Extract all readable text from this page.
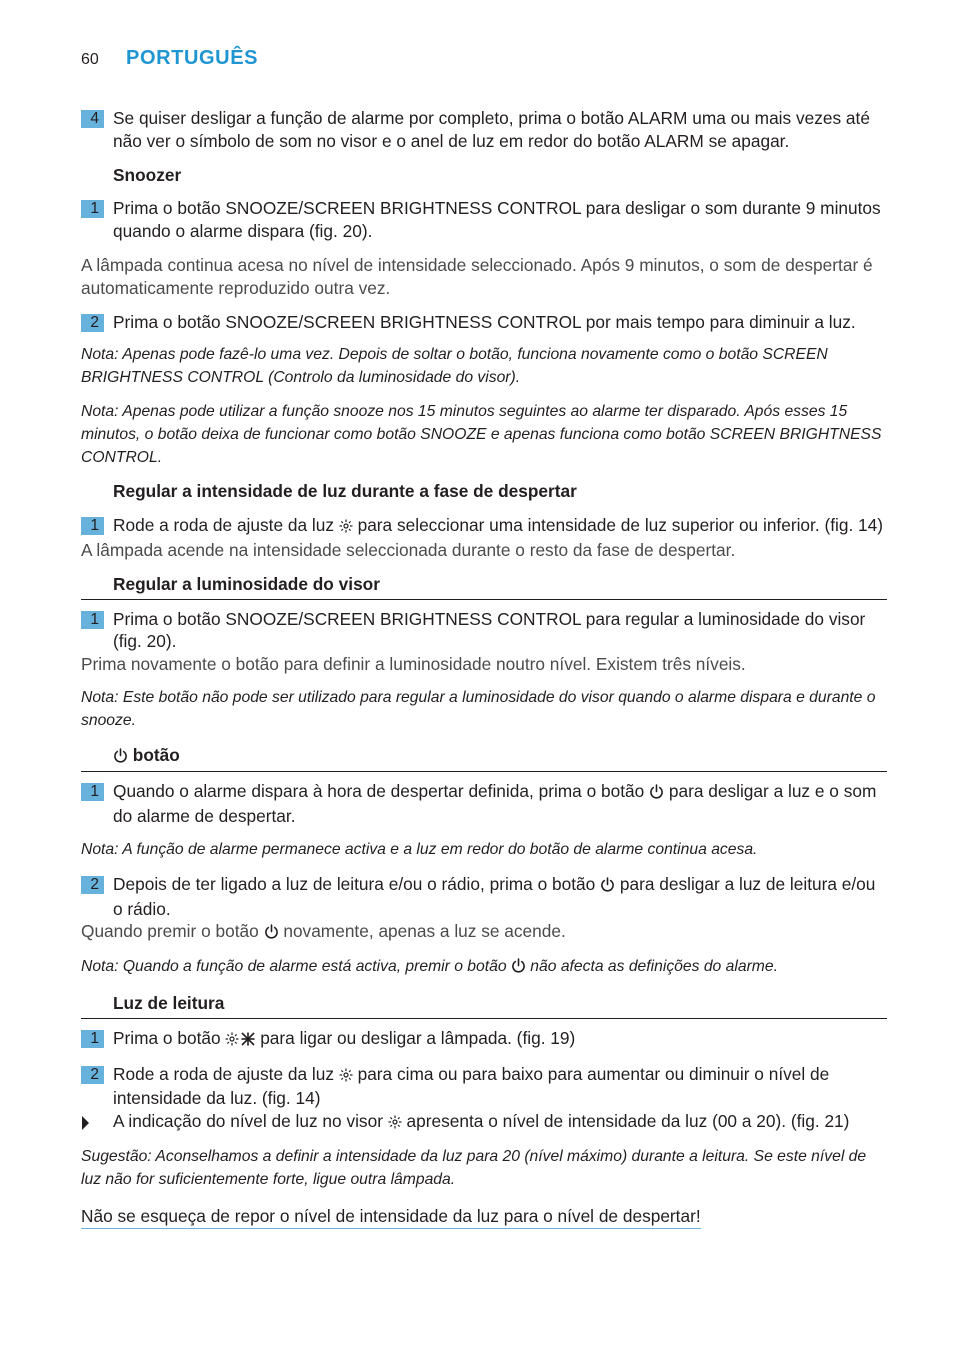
60 PORTUGUÊS
4 Se quiser desligar a função de alarme por completo, prima o botão ALARM uma ou mais vezes até não ver o símbolo de som no visor e o anel de luz em redor do botão ALARM se apagar.
Snoozer
1 Prima o botão SNOOZE/SCREEN BRIGHTNESS CONTROL para desligar o som durante 9 minutos quando o alarme dispara (fig. 20).
A lâmpada continua acesa no nível de intensidade seleccionado. Após 9 minutos, o som de despertar é automaticamente reproduzido outra vez.
2 Prima o botão SNOOZE/SCREEN BRIGHTNESS CONTROL por mais tempo para diminuir a luz.
Nota: Apenas pode fazê-lo uma vez. Depois de soltar o botão, funciona novamente como o botão SCREEN BRIGHTNESS CONTROL (Controlo da luminosidade do visor).
Nota: Apenas pode utilizar a função snooze nos 15 minutos seguintes ao alarme ter disparado. Após esses 15 minutos, o botão deixa de funcionar como botão SNOOZE e apenas funciona como botão SCREEN BRIGHTNESS CONTROL.
Regular a intensidade de luz durante a fase de despertar
1 Rode a roda de ajuste da luz  para seleccionar uma intensidade de luz superior ou inferior. (fig. 14)
A lâmpada acende na intensidade seleccionada durante o resto da fase de despertar.
Regular a luminosidade do visor
1 Prima o botão SNOOZE/SCREEN BRIGHTNESS CONTROL para regular a luminosidade do visor (fig. 20).
Prima novamente o botão para definir a luminosidade noutro nível. Existem três níveis.
Nota: Este botão não pode ser utilizado para regular a luminosidade do visor quando o alarme dispara e durante o snooze.
botão
1 Quando o alarme dispara à hora de despertar definida, prima o botão  para desligar a luz e o som do alarme de despertar.
Nota: A função de alarme permanece activa e a luz em redor do botão de alarme continua acesa.
2 Depois de ter ligado a luz de leitura e/ou o rádio, prima o botão  para desligar a luz de leitura e/ou o rádio.
Quando premir o botão  novamente, apenas a luz se acende.
Nota: Quando a função de alarme está activa, premir o botão  não afecta as definições do alarme.
Luz de leitura
1 Prima o botão  para ligar ou desligar a lâmpada. (fig. 19)
2 Rode a roda de ajuste da luz  para cima ou para baixo para aumentar ou diminuir o nível de intensidade da luz. (fig. 14)
A indicação do nível de luz no visor  apresenta o nível de intensidade da luz (00 a 20). (fig. 21)
Sugestão: Aconselhamos a definir a intensidade da luz para 20 (nível máximo) durante a leitura. Se este nível de luz não for suficientemente forte, ligue outra lâmpada.
Não se esqueça de repor o nível de intensidade da luz para o nível de despertar!
